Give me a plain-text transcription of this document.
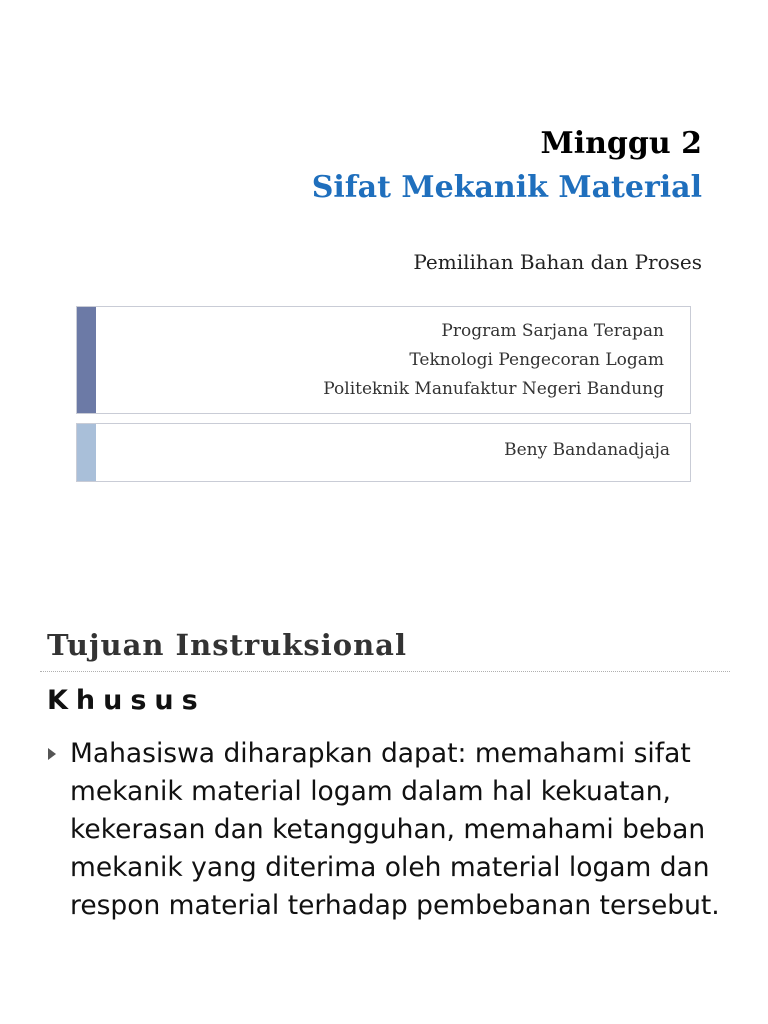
Minggu 2
Sifat Mekanik Material
Pemilihan Bahan dan Proses
Program Sarjana Terapan
Teknologi Pengecoran Logam
Politeknik Manufaktur Negeri Bandung
Beny Bandanadjaja
Tujuan Instruksional
Khusus
Mahasiswa diharapkan dapat: memahami sifat mekanik material logam dalam hal kekuatan, kekerasan dan ketangguhan, memahami beban mekanik yang diterima oleh material logam dan respon material terhadap pembebanan tersebut.
